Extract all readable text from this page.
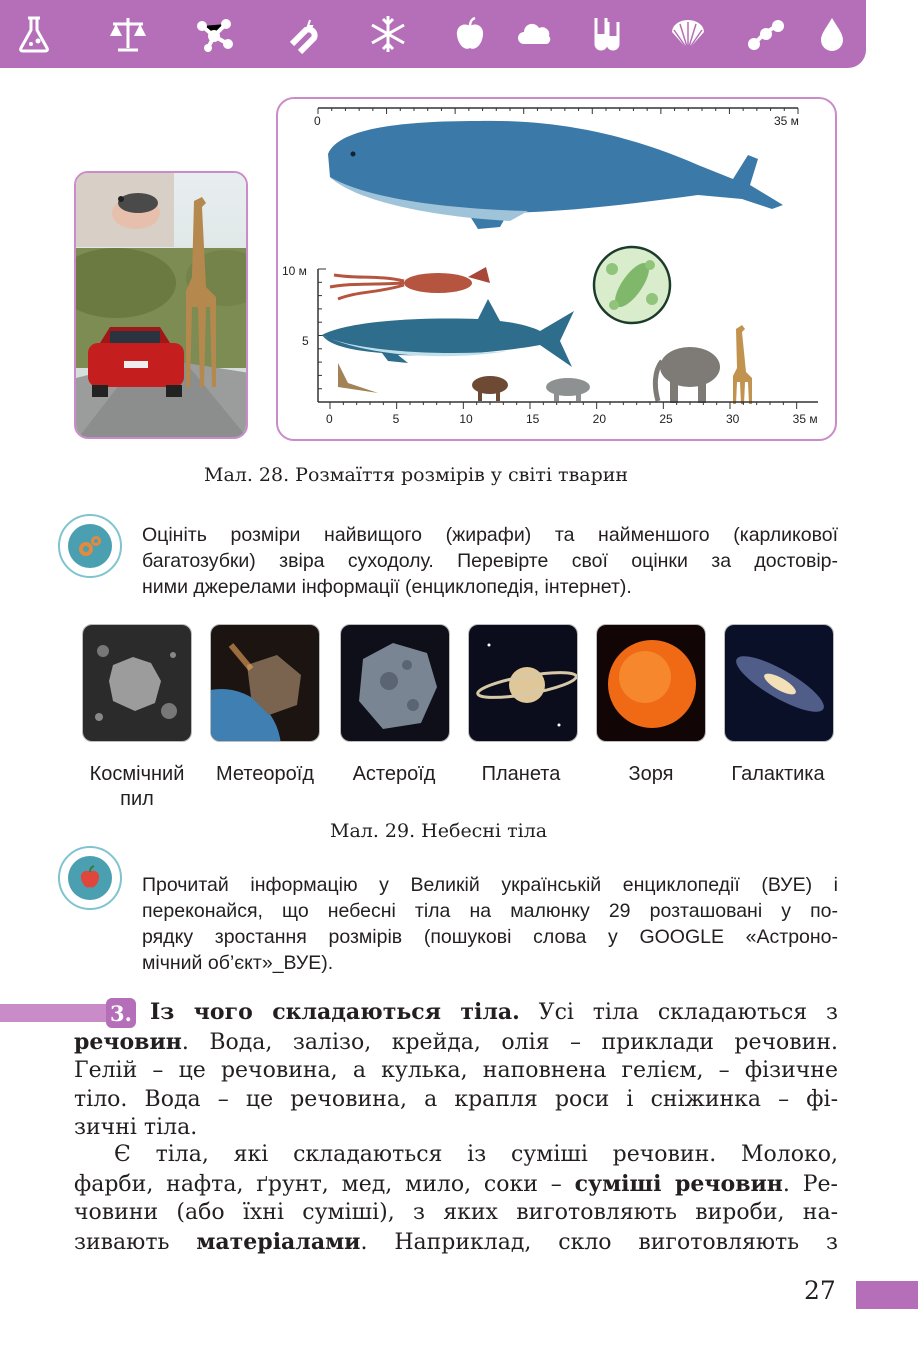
0	35 м
10 м
5
0	5	10	15	20	25	30	35 м
Мал. 28. Розмаїття розмірів у світі тварин

Оцініть розміри найвищого (жирафи) та найменшого (карликової

багатозубки) звіра суходолу. Перевірте свої оцінки за достовір-

ними джерелами інформації (енциклопедія, інтернет).

Космічний
пил
Метеороїд	Астероїд	Планета	Зоря	Галактика
Мал. 29. Небесні тіла

Прочитай інформацію у Великій українській енциклопедії (ВУЕ) і

переконайся, що небесні тіла на малюнку 29 розташовані у по-

рядку зростання розмірів (пошукові слова у GOOGLE «Астроно-

мічний об’єкт»_ВУЕ).

3. Із чого складаються тіла. Усі тіла складаються з
речовин. Вода, залізо, крейда, олія – приклади речовин.
Гелій – це речовина, а кулька, наповнена гелієм, – фізичне
тіло. Вода – це речовина, а крапля роси і сніжинка – фі-
зичні тіла.
Є тіла, які складаються із суміші речовин. Молоко,
фарби, нафта, ґрунт, мед, мило, соки – суміші речовин. Ре-
човини (або їхні суміші), з яких виготовляють вироби, на-
зивають матеріалами. Наприклад, скло виготовляють з
27
